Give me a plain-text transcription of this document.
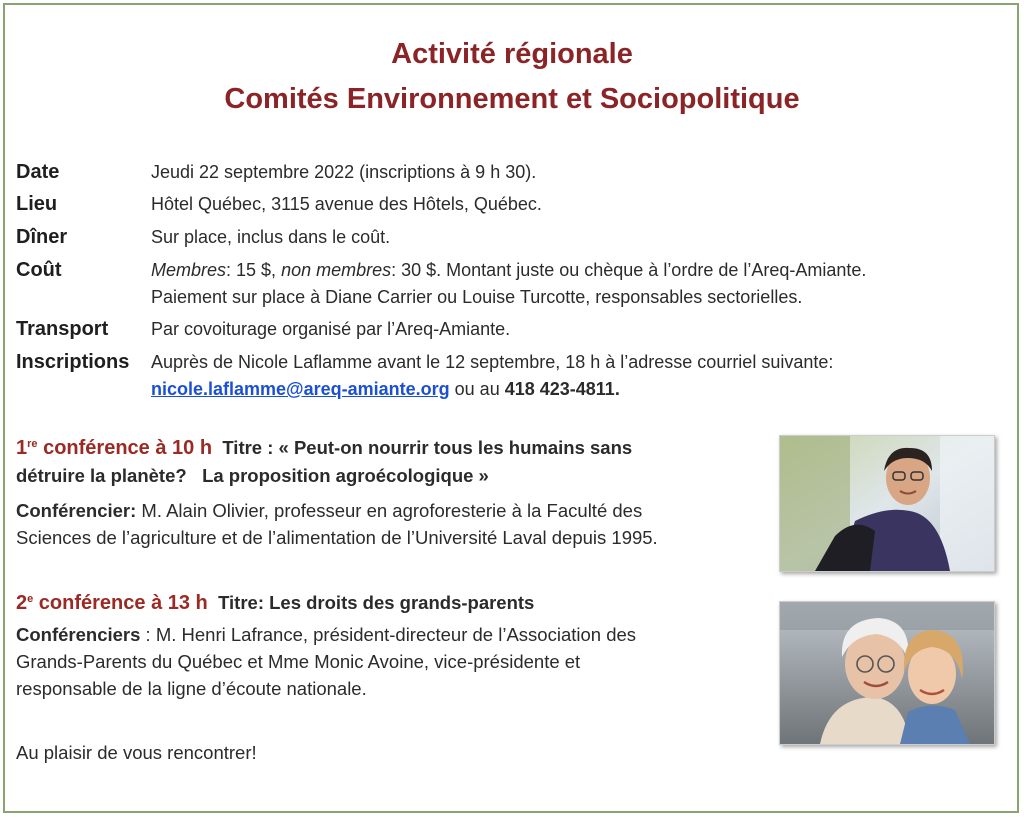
Activité régionale
Comités Environnement et Sociopolitique
Date	Jeudi 22 septembre 2022 (inscriptions à 9 h 30).
Lieu	Hôtel Québec, 3115 avenue des Hôtels, Québec.
Dîner	Sur place, inclus dans le coût.
Coût	Membres: 15 $, non membres: 30 $. Montant juste ou chèque à l’ordre de l’Areq-Amiante.
Paiement sur place à Diane Carrier ou Louise Turcotte, responsables sectorielles.
Transport Par covoiturage organisé par l’Areq-Amiante.
Inscriptions Auprès de Nicole Laflamme avant le 12 septembre, 18 h à l’adresse courriel suivante:
nicole.laflamme@areq-amiante.org ou au 418 423-4811.
1re conférence à 10 h Titre : « Peut-on nourrir tous les humains sans
détruire la planète?   La proposition agroécologique »
Conférencier: M. Alain Olivier, professeur en agroforesterie à la Faculté des
Sciences de l’agriculture et de l’alimentation de l’Université Laval depuis 1995.
2e conférence à 13 h Titre: Les droits des grands-parents
Conférenciers : M. Henri Lafrance, président-directeur de l’Association des
Grands-Parents du Québec et Mme Monic Avoine, vice-présidente et
responsable de la ligne d’écoute nationale.
Au plaisir de vous rencontrer!
